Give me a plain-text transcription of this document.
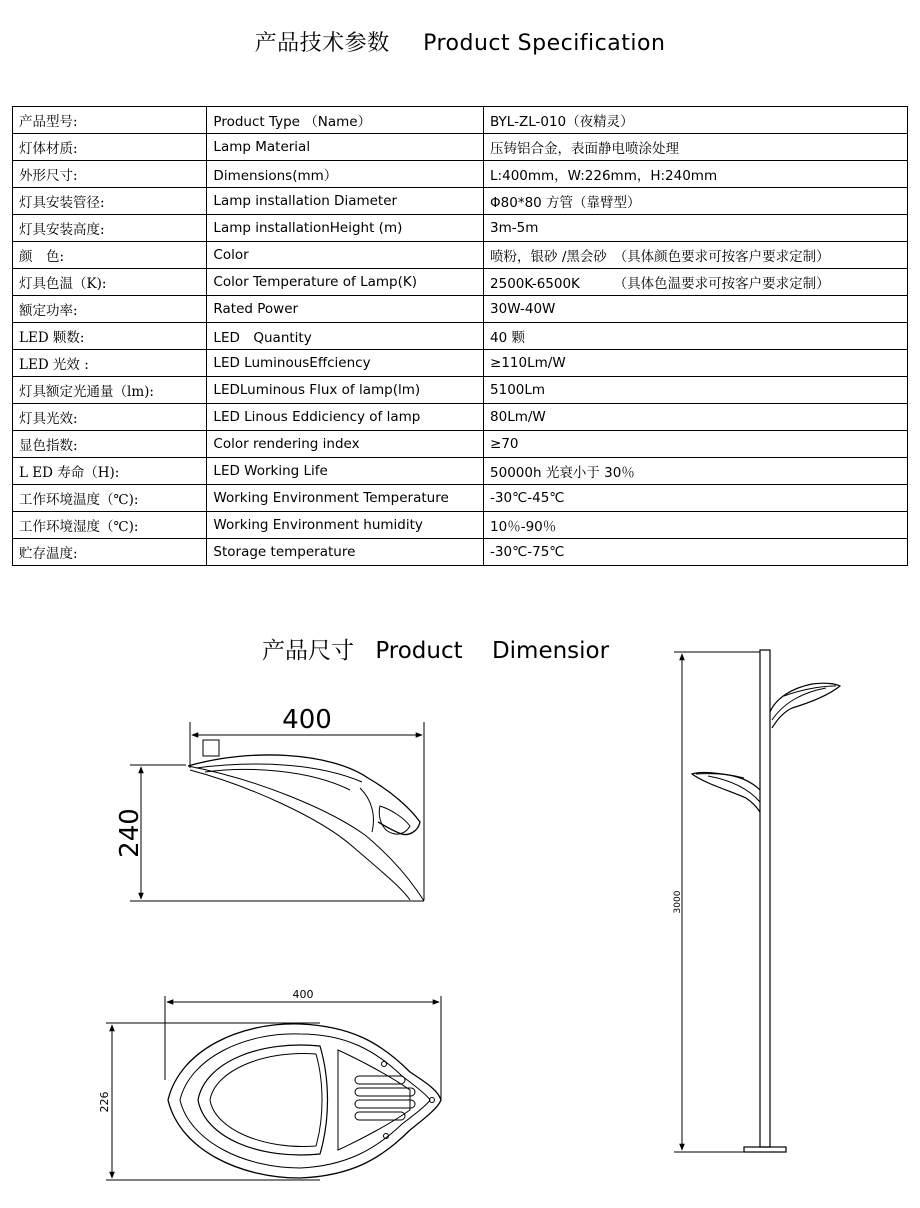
产品技术参数 Product Specification
产品型号:	Product Type （Name）	BYL-ZL-010（夜精灵）
灯体材质:	Lamp Material	压铸铝合金，表面静电喷涂处理
外形尺寸:	Dimensions(mm）	L:400mm，W:226mm，H:240mm
灯具安装管径:	Lamp installation Diameter	Φ80*80 方管（靠臂型）
灯具安装高度:	Lamp installationHeight (m)	3m-5m
颜　色:	Color	喷粉，银砂 /黑会砂　（具体颜色要求可按客户要求定制）
灯具色温（K):	Color Temperature of Lamp(K)	2500K-6500K　　　（具体色温要求可按客户要求定制）
额定功率:	Rated Power	30W-40W
LED 颗数:	LED　Quantity	40 颗
LED 光效 :	LED LuminousEffciency	≥110Lm/W
灯具额定光通量（lm):	LEDLuminous Flux of lamp(lm)	5100Lm
灯具光效:	LED Linous Eddiciency of lamp	80Lm/W
显色指数:	Color rendering index	≥70
L ED 寿命（H):	LED Working Life	50000h 光衰小于 30％
工作环境温度（℃):	Working Environment Temperature	-30℃-45℃
工作环境湿度（℃):	Working Environment humidity	10％-90％
贮存温度:	Storage temperature	-30℃-75℃
产品尺寸 Product Dimensior
400
240
400
226
3000
